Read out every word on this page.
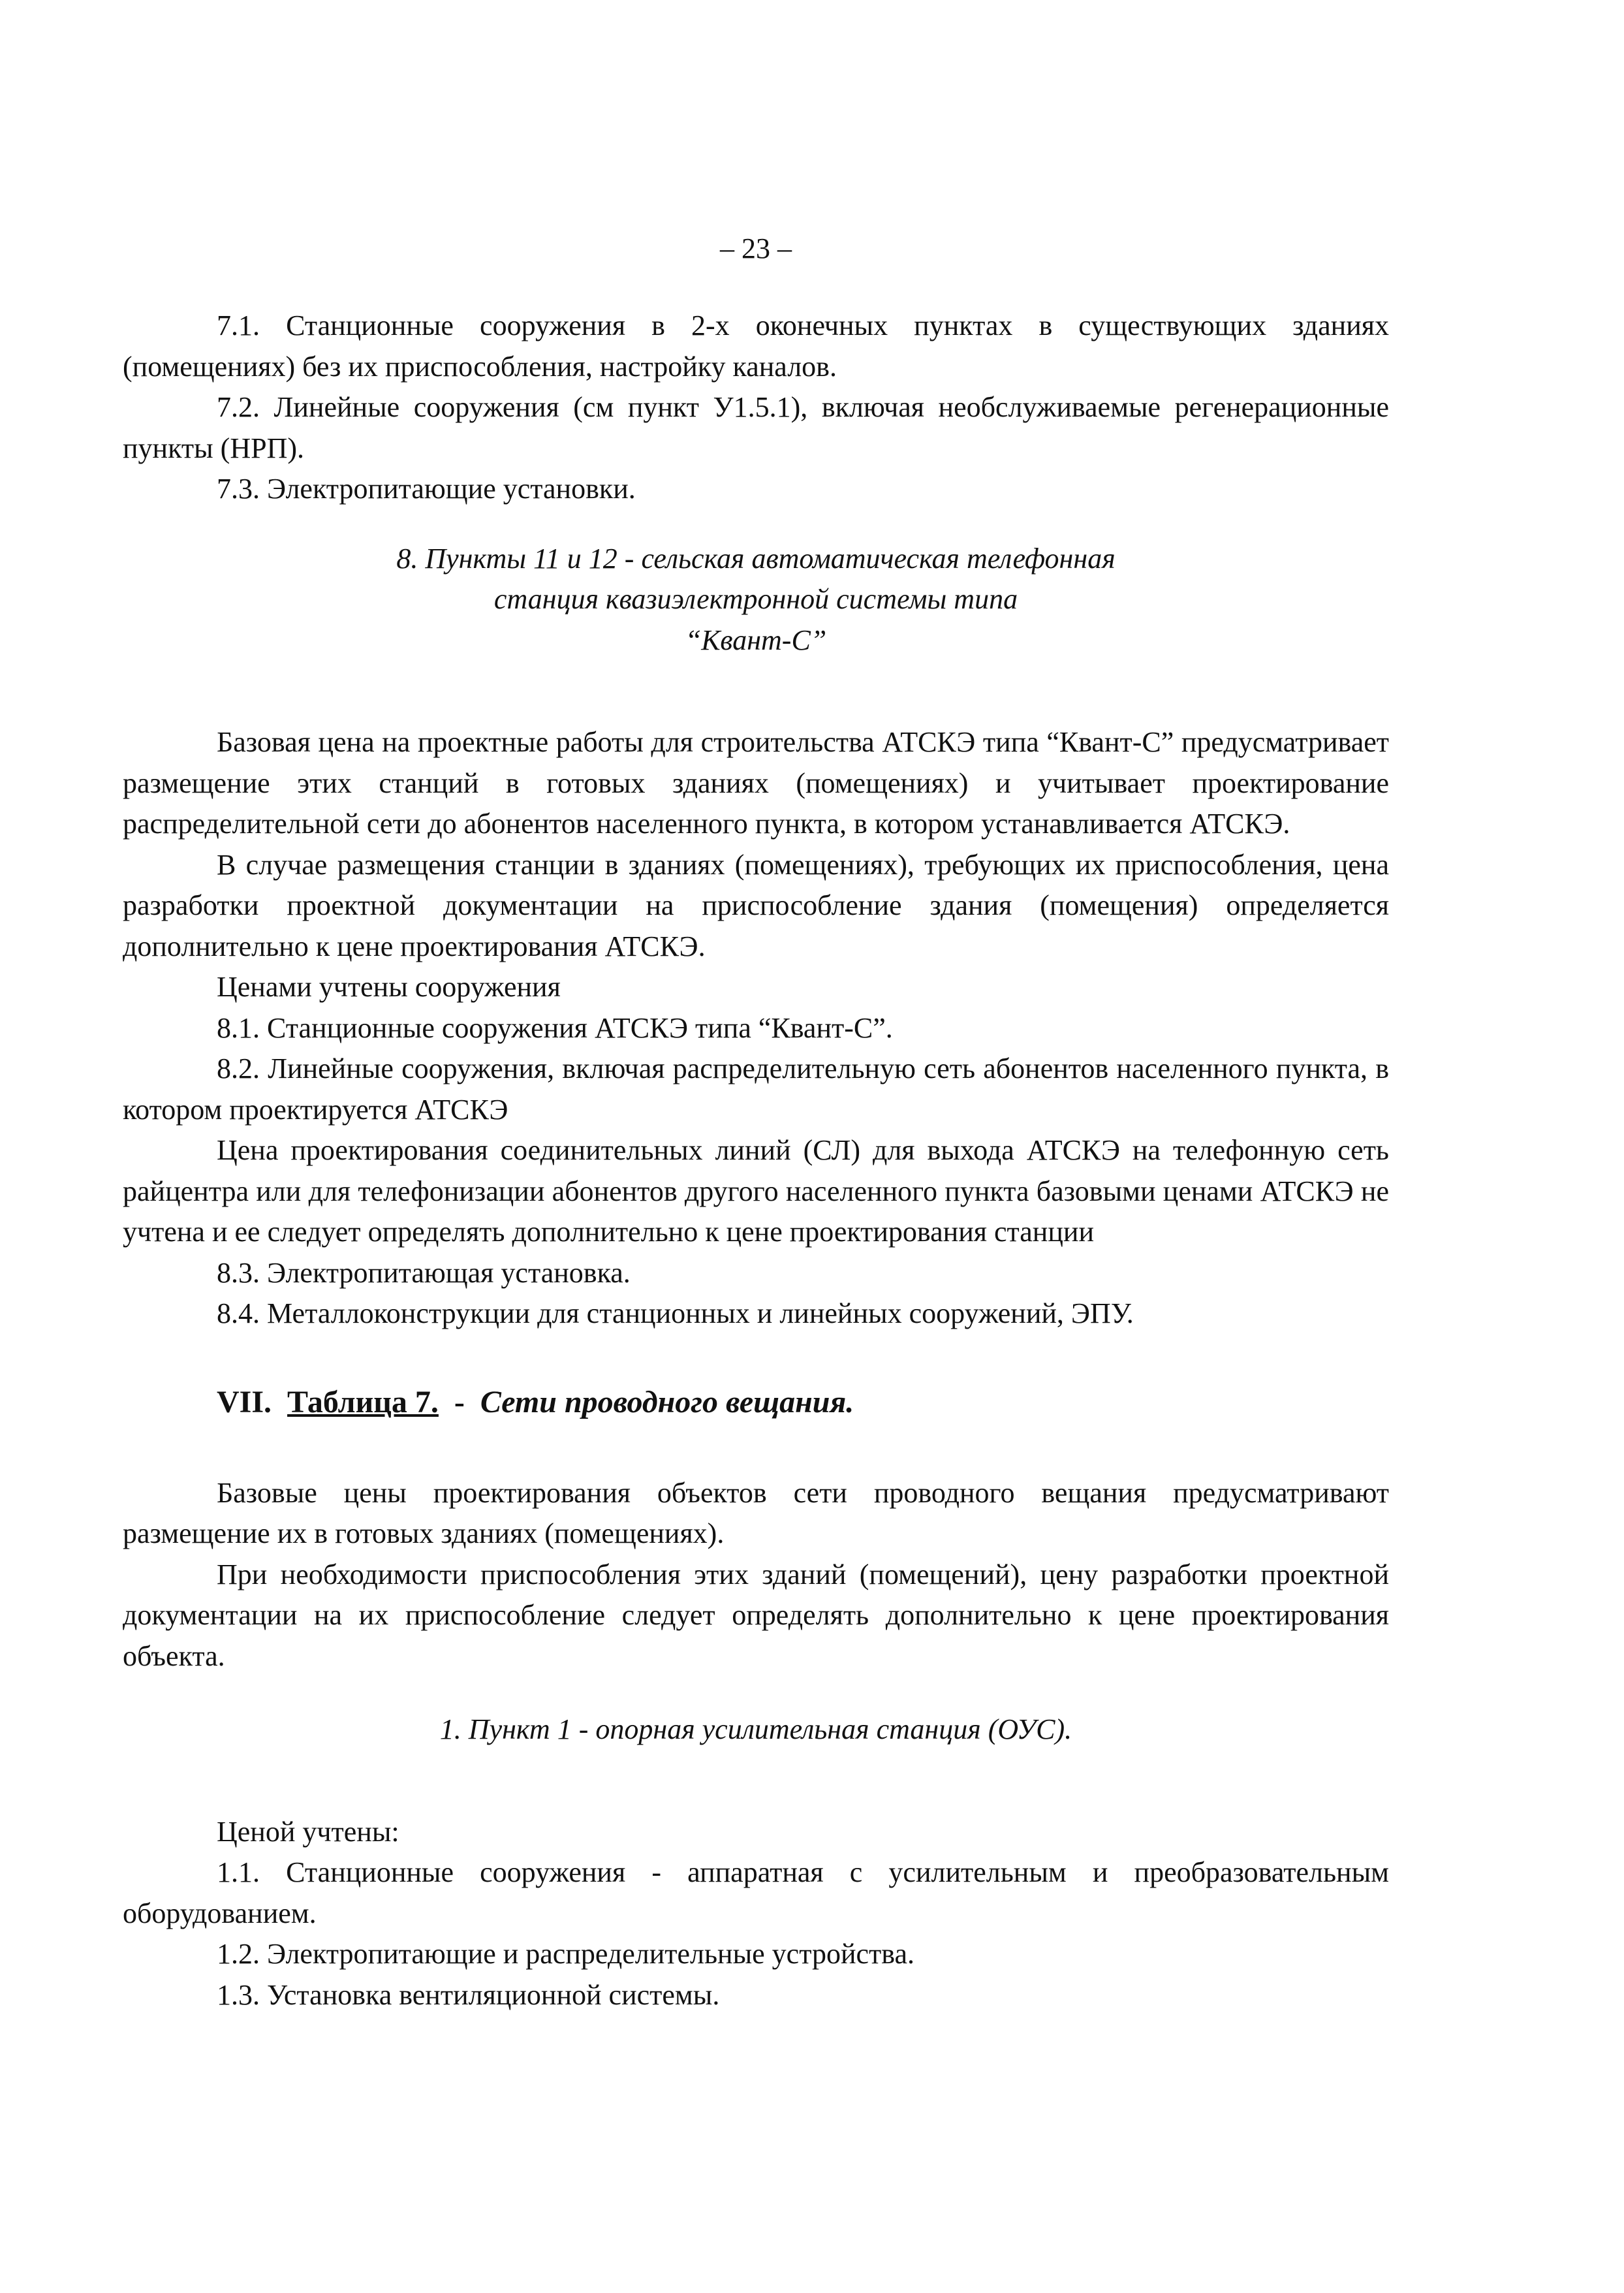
– 23 –

7.1. Станционные сооружения в 2-х оконечных пунктах в существующих зданиях (помещениях) без их приспособления, настройку каналов.

7.2. Линейные сооружения (см пункт У1.5.1), включая необслуживаемые регенерационные пункты (НРП).

7.3. Электропитающие установки.

8. Пункты 11 и 12 - сельская автоматическая телефонная
станция квазиэлектронной системы типа
“Квант-С”

Базовая цена на проектные работы для строительства АТСКЭ типа “Квант-С” предусматривает размещение этих станций в готовых зданиях (помещениях) и учитывает проектирование распределительной сети до абонентов населенного пункта, в котором устанавливается АТСКЭ.

В случае размещения станции в зданиях (помещениях), требующих их приспособления, цена разработки проектной документации на приспособление здания (помещения) определяется дополнительно к цене проектирования АТСКЭ.

Ценами учтены сооружения

8.1. Станционные сооружения АТСКЭ типа “Квант-С”.

8.2. Линейные сооружения, включая распределительную сеть абонентов населенного пункта, в котором проектируется АТСКЭ

Цена проектирования соединительных линий (СЛ) для выхода АТСКЭ на телефонную сеть райцентра или для телефонизации абонентов другого населенного пункта базовыми ценами АТСКЭ не учтена и ее следует определять дополнительно к цене проектирования станции

8.3. Электропитающая установка.

8.4. Металлоконструкции для станционных и линейных сооружений, ЭПУ.

VII. Таблица 7. - Сети проводного вещания.

Базовые цены проектирования объектов сети проводного вещания предусматривают размещение их в готовых зданиях (помещениях).

При необходимости приспособления этих зданий (помещений), цену разработки проектной документации на их приспособление следует определять дополнительно к цене проектирования объекта.

1. Пункт 1 - опорная усилительная станция (ОУС).

Ценой учтены:

1.1. Станционные сооружения - аппаратная с усилительным и преобразовательным оборудованием.

1.2. Электропитающие и распределительные устройства.

1.3. Установка вентиляционной системы.
